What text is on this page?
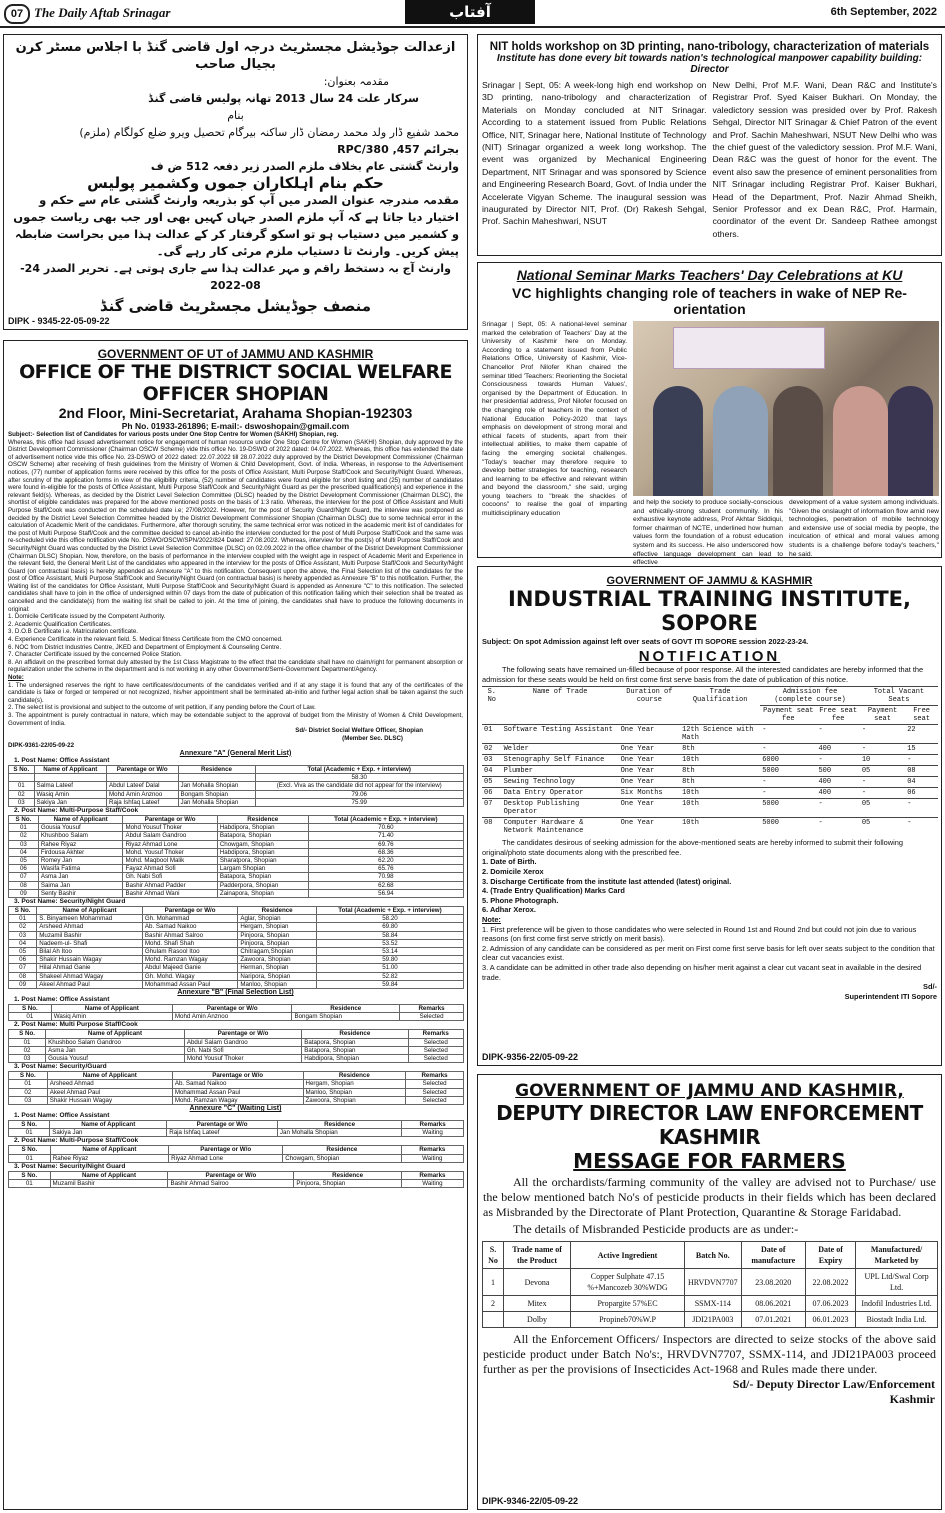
07 The Daily Aftab Srinagar	آفتاب	6th September, 2022
ازعدالت جوڈیشل مجسٹریٹ درجہ اول قاضی گنڈ با اجلاس مسٹر کرن بجیال صاحب
مقدمہ بعنوان:
سرکار علت 24 سال 2013 تھانہ پولیس قاضی گنڈ
بنام
محمد شفیع ڈار ولد محمد رمضان ڈار ساکنہ بیرگام تحصیل ویرو ضلع کولگام (ملزم)
بجرائم 457, 380/RPC
وارنٹ گشتی عام بخلاف ملزم الصدر زیر دفعہ 512 ض ف
حکم بنام اہلکاران جموں وکشمیر پولیس
مقدمہ مندرجہ عنوان الصدر میں آپ کو بذریعہ وارنٹ گشتی عام سے حکم و اختیار دیا جاتا ہے کہ آپ ملزم الصدر جہاں کہیں بھی اور جب بھی ریاست جموں و کشمیر میں دستیاب ہو تو اسکو گرفتار کر کے عدالت ہذا میں بحراست ضابطہ پیش کریں۔ وارنٹ تا دستیاب ملزم مرئی کار رہے گی۔
وارنٹ آج بہ دستخط راقم و مہر عدالت ہذا سے جاری ہوتی ہے۔ تحریر الصدر 24-08-2022
منصف جوڈیشل مجسٹریٹ قاضی گنڈ
DIPK - 9345-22-05-09-22
GOVERNMENT OF UT of JAMMU AND KASHMIR
OFFICE OF THE DISTRICT SOCIAL WELFARE OFFICER SHOPIAN
2nd Floor, Mini-Secretariat, Arahama Shopian-192303
Ph No. 01933-261896; E-mail:- dswoshopain@gmail.com
Subject:- Selection list of Candidates for various posts under One Stop Centre for Women (SAKHI) Shopian, reg.
Whereas, this office had issued advertisement notice for engagement of human resource under One Stop Centre for Women (SAKHI) Shopian, duly approved by the District Development Commissioner (Chairman OSCW Scheme) vide this office No. 19-DSWO of 2022 dated: 04.07.2022. Whereas, this office has extended the date of advertisement notice vide this office No. 23-DSWO of 2022 dated: 22.07.2022 till 28.07.2022 duly approved by the District Development Commissioner (Chairman OSCW Scheme) after receiving of fresh guidelines from the Ministry of Women & Child Development, Govt. of India. Whereas, in response to the Advertisement notices, (77) number of application forms were received by this office for the posts of Office Assistant, Multi Purpose Staff/Cook and Security/Night Guard. Whereas, after scrutiny of the application forms in view of the eligibility criteria, (52) number of candidates were found eligible for short listing and (25) number of candidates were found in-eligible for the posts of Office Assistant, Multi Purpose Staff/Cook and Security/Night Guard as per the prescribed qualification(s) and experience in the relevant field(s). Whereas, as decided by the District Level Selection Committee (DLSC) headed by the District Development Commissioner (Chairman DLSC), the shortlist of eligible candidates was prepared for the above mentioned posts on the basis of 1:3 ratio. Whereas, the interview for the post of Office Assistant and Multi Purpose Staff/Cook was conducted on the scheduled date i.e; 27/08/2022. However, for the post of Security Guard/Night Guard, the interview was postponed as decided by the District Level Selection Committee headed by the District Development Commissioner Shopian (Chairman DLSC) due to some technical error in the calculation of Academic Merit of the candidates. Furthermore, after thorough scrutiny, the same technical error was noticed in the academic merit list of candidates for the post of Multi Purpose Staff/Cook and the committee decided to cancel ab-initio the interview conducted for the post of Multi Purpose Staff/Cook and the same was re-scheduled vide this office notification vide No. DSWO/OSCW/SPN/2022/824 Dated: 27.08.2022. Whereas, interview for the post(s) of Multi Purpose Staff/Cook and Security/Night Guard was conducted by the District Level Selection Committee (DLSC) on 02.09.2022 in the office chamber of the District Development Commissioner (Chairman DLSC) Shopian. Now, therefore, on the basis of performance in the interview coupled with the weight age in respect of Academic Merit and Experience in the relevant field, the General Merit List of the candidates who appeared in the interview for the posts of Office Assistant, Multi Purpose Staff/Cook and Security/Night Guard (on contractual basis) is hereby appended as Annexure "A" to this notification. Consequent upon the above, the Final Selection list of the candidates for the post of Office Assistant, Multi Purpose Staff/Cook and Security/Night Guard (on contractual basis) is hereby appended as Annexure "B" to this notification. Further, the Waiting list of the candidates for Office Assistant, Multi Purpose Staff/Cook and Security/Night Guard is appended as Annexure "C" to this notification. The selected candidates shall have to join in the office of undersigned within 07 days from the date of publication of this notification failing which their selection shall be treated as cancelled and the candidate(s) from the waiting list shall be called to join. At the time of joining, the candidates shall have to produce the following documents in original:
1. Domicile Certificate issued by the Competent Authority.
2. Academic Qualification Certificates.
3. D.O.B Certificate i.e. Matriculation certificate.
4. Experience Certificate in the relevant field. 5. Medical fitness Certificate from the CMO concerned.
6. NOC from District Industries Centre, JKED and Department of Employment & Counseling Centre.
7. Character Certificate issued by the concerned Police Station.
8. An affidavit on the prescribed format duly attested by the 1st Class Magistrate to the effect that the candidate shall have no claim/right for permanent absorption or regularization under the scheme in the department and is not working in any other Government/Semi-Government Department/Agency.
Note:
1. The undersigned reserves the right to have certificates/documents of the candidates verified and if at any stage it is found that any of the certificates of the candidate is fake or forged or tempered or not recognized, his/her appointment shall be terminated ab-initio and further legal action shall be taken against the such candidate(s).
2. The select list is provisional and subject to the outcome of writ petition, if any pending before the Court of Law.
3. The appointment is purely contractual in nature, which may be extendable subject to the approval of budget from the Ministry of Women & Child Development, Government of India.
Sd/- District Social Welfare Officer, Shopian
(Member Sec. DLSC)
DIPK-9361-22/05-09-22
Annexure "A" (General Merit List)
1. Post Name: Office Assistant
S No.	Name of Applicant	Parentage or W/o	Residence	Total (Academic + Exp. + interview)
				58.30
01	Salma Lateef	Abdul Lateef Dalal	Jan Mohalla Shopian	(Excl. Viva as the candidate did not appear for the interview)
02	Wasiq Amin	Mohd Amin Anznoo	Bongam Shopian	79.06
03	Sakiya Jan	Raja Ishfaq Lateef	Jan Mohalla Shopian	75.99
2. Post Name: Multi-Purpose Staff/Cook
S No.	Name of Applicant	Parentage or W/o	Residence	Total (Academic + Exp. + interview)
01	Gousia Yousuf	Mohd Yousuf Thoker	Habdipora, Shopian	70.60
02	Khushboo Salam	Abdul Salam Gandroo	Batapora, Shopian	71.40
03	Rahee Riyaz	Riyaz Ahmad Lone	Chowgam, Shopian	69.76
04	Firdousa Akhter	Mohd. Yousuf Thoker	Habdipora, Shopian	68.36
05	Romey Jan	Mohd. Maqbool Malik	Sharatpora, Shopian	62.20
06	Wasifa Fatima	Fayaz Ahmad Sofi	Largam Shopian	65.76
07	Asma Jan	Gh. Nabi Sofi	Batapora, Shopian	70.98
08	Saima Jan	Bashir Ahmad Padder	Padderpora, Shopian	62.68
09	Senty Bashir	Bashir Ahmad Wani	Zainapora, Shopian	56.94
3. Post Name: Security/Night Guard
S No.	Name of Applicant	Parentage or W/o	Residence	Total (Academic + Exp. + interview)
01	S. Binyameen Mohammad	Gh. Mohammad	Aglar, Shopian	58.20
02	Arsheed Ahmad	Ab. Samad Naikoo	Hergam, Shopian	69.80
03	Muzamil Bashir	Bashir Ahmad Salroo	Pinjoora, Shopian	58.84
04	Nadeem-ul- Shafi	Mohd. Shafi Shah	Pinjoora, Shopian	53.52
05	Bilal Ah Itoo	Ghulam Rasool Itoo	Chitragam,Shopian	53.14
06	Shakir Hussain Wagay	Mohd. Ramzan Wagay	Zawoora, Shopian	59.80
07	Hilal Ahmad Ganie	Abdul Majeed Ganie	Herman, Shopian	51.00
08	Shakeel Ahmad Wagay	Gh. Mohd. Wagay	Naripora, Shopian	52.82
09	Akeel Ahmad Paul	Mohammad Assan Paul	Manloo, Shopian	59.84
Annexure "B" (Final Selection List)
1. Post Name: Office Assistant
S No.	Name of Applicant	Parentage or W/o	Residence	Remarks
01	Wasiq Amin	Mohd Amin Anznoo	Bongam Shopian	Selected
2. Post Name: Multi Purpose Staff/Cook
S No.	Name of Applicant	Parentage or W/o	Residence	Remarks
01	Khushboo Salam Gandroo	Abdul Salam Gandroo	Batapora, Shopian	Selected
02	Asma Jan	Gh. Nabi Sofi	Batapora, Shopian	Selected
03	Gousia Yousuf	Mohd Yousuf Thoker	Habdipora, Shopian	Selected
3. Post Name: Security/Guard
S No.	Name of Applicant	Parentage or W/o	Residence	Remarks
01	Arsheed Ahmad	Ab. Samad Naikoo	Hergam, Shopian	Selected
02	Akeel Ahmad Paul	Mohammad Assan Paul	Manloo, Shopian	Selected
03	Shakir Hussain Wagay	Mohd. Ramzan Wagay	Zawoora, Shopian	Selected
Annexure "C" (Waiting List)
1. Post Name: Office Assistant
S No.	Name of Applicant	Parentage or W/o	Residence	Remarks
01	Sakiya Jan	Raja Ishfaq Lateef	Jan Mohalla Shopian	Waiting
2. Post Name: Multi-Purpose Staff/Cook
S No.	Name of Applicant	Parentage or W/o	Residence	Remarks
01	Rahee Riyaz	Riyaz Ahmad Lone	Chowgam, Shopian	Waiting
3. Post Name: Security/Night Guard
S No.	Name of Applicant	Parentage or W/o	Residence	Remarks
01	Muzamil Bashir	Bashir Ahmad Salroo	Pinjoora, Shopian	Waiting
NIT holds workshop on 3D printing, nano-tribology, characterization of materials
Institute has done every bit towards nation's technological manpower capability building: Director
Srinagar | Sept, 05: A week-long high end workshop on 3D printing, nano-tribology and characterization of Materials on Monday concluded at NIT Srinagar. According to a statement issued from Public Relations Office, NIT, Srinagar here, National Institute of Technology (NIT) Srinagar organized a week long workshop. The event was organized by Mechanical Engineering Department, NIT Srinagar and was sponsored by Science and Engineering Research Board, Govt. of India under the Accelerate Vigyan Scheme. The inaugural session was inaugurated by Director NIT, Prof. (Dr) Rakesh Sehgal, Prof. Sachin Maheshwari, NSUT
New Delhi, Prof M.F. Wani, Dean R&C and Institute's Registrar Prof. Syed Kaiser Bukhari. On Monday, the valedictory session was presided over by Prof. Rakesh Sehgal, Director NIT Srinagar & Chief Patron of the event and Prof. Sachin Maheshwari, NSUT New Delhi who was the chief guest of the valedictory session. Prof M.F. Wani, Dean R&C was the guest of honor for the event. The event also saw the presence of eminent personalities from NIT Srinagar including Registrar Prof. Kaiser Bukhari, Head of the Department, Prof. Nazir Ahmad Sheikh, Senior Professor and ex Dean R&C, Prof. Harmain, coordinator of the event Dr. Sandeep Rathee amongst others.
National Seminar Marks Teachers' Day Celebrations at KU
VC highlights changing role of teachers in wake of NEP Re-orientation
Srinagar | Sept, 05: A national-level seminar marked the celebration of Teachers' Day at the University of Kashmir here on Monday. According to a statement issued from Public Relations Office, University of Kashmir, Vice-Chancellor Prof Nilofer Khan chaired the seminar titled 'Teachers: Reorienting the Societal Consciousness towards Human Values', organised by the Department of Education. In her presidential address, Prof Nilofer focused on the changing role of teachers in the context of National Education Policy-2020 that lays emphasis on development of strong moral and ethical facets of students, apart from their intellectual abilities, to make them capable of facing the emerging societal challenges. "Today's teacher may therefore require to develop better strategies for teaching, research and learning to be effective and relevant within and beyond the classroom," she said, urging young teachers to "break the shackles of cocoons" to realise the goal of imparting multidisciplinary education
and help the society to produce socially-conscious and ethically-strong student community. In his exhaustive keynote address, Prof Akhtar Siddiqui, former chairman of NCTE, underlined how human values form the foundation of a robust education system and its success. He also underscored how effective language development can lead to effective
development of a value system among individuals. "Given the onslaught of information flow amid new technologies, penetration of mobile technology and extensive use of social media by people, the inculcation of ethical and moral values among students is a challenge before today's teachers," he said.
GOVERNMENT OF JAMMU & KASHMIR
INDUSTRIAL TRAINING INSTITUTE, SOPORE
Subject: On spot Admission against left over seats of GOVT ITI SOPORE session 2022-23-24.
NOTIFICATION
The following seats have remained un-filled because of poor response. All the interested candidates are hereby informed that the admission for these seats would be held on first come first serve basis from the date of publication of this notice.
S. No	Name of Trade	Duration of course	Trade Qualification	Admission fee (complete course)		Total Vacant Seats	
				Payment seat fee	Free seat fee	Payment seat	Free seat
01	Software Testing Assistant	One Year	12th Science with Math	-	-	-	22
02	Welder	One Year	8th	-	400	-	15
03	Stenography Self Finance	One Year	10th	6000	-	10	-
04	Plumber	One Year	8th	5000	500	05	08
05	Sewing Technology	One Year	8th	-	400	-	04
06	Data Entry Operator	Six Months	10th	-	400	-	06
07	Desktop Publishing Operator	One Year	10th	5000	-	05	-
08	Computer Hardware & Network Maintenance	One Year	10th	5000	-	05	-
The candidates desirous of seeking admission for the above-mentioned seats are hereby informed to submit their following original/photo state documents along with the prescribed fee.
1. Date of Birth.
2. Domicile Xerox
3. Discharge Certificate from the institute last attended (latest) original.
4. (Trade Entry Qualification) Marks Card
5. Phone Photograph.
6. Adhar Xerox.
Note:
1. First preference will be given to those candidates who were selected in Round 1st and Round 2nd but could not join due to various reasons (on first come first serve strictly on merit basis).
2. Admission of any candidate can be considered as per merit on First come first serve basis for left over seats subject to the condition that clear cut vacancies exist.
3. A candidate can be admitted in other trade also depending on his/her merit against a clear cut vacant seat in available in the desired trade.
Sd/-
Superintendent ITI Sopore
DIPK-9356-22/05-09-22
GOVERNMENT OF JAMMU AND KASHMIR,
DEPUTY DIRECTOR LAW ENFORCEMENT KASHMIR
MESSAGE FOR FARMERS
All the orchardists/farming community of the valley are advised not to Purchase/ use the below mentioned batch No's of pesticide products in their fields which has been declared as Misbranded by the Directorate of Plant Protection, Quarantine & Storage Faridabad.
The details of Misbranded Pesticide products are as under:-
S. No	Trade name of the Product	Active Ingredient	Batch No.	Date of manufacture	Date of Expiry	Manufactured/ Marketed by
1	Devona	Copper Sulphate 47.15 %+Mancozeb 30%WDG	HRVDVN7707	23.08.2020	22.08.2022	UPL Ltd/Swal Corp Ltd.
2	Mitex	Propargite 57%EC	SSMX-114	08.06.2021	07.06.2023	Indofil Industries Ltd.
	Dolby	Propineb70%W.P	JDI21PA003	07.01.2021	06.01.2023	Biostadt India Ltd.
All the Enforcement Officers/ Inspectors are directed to seize stocks of the above said pesticide product under Batch No's:, HRVDVN7707, SSMX-114, and JDI21PA003 proceed further as per the provisions of Insecticides Act-1968 and Rules made there under.
Sd/- Deputy Director Law/Enforcement
Kashmir
DIPK-9346-22/05-09-22
